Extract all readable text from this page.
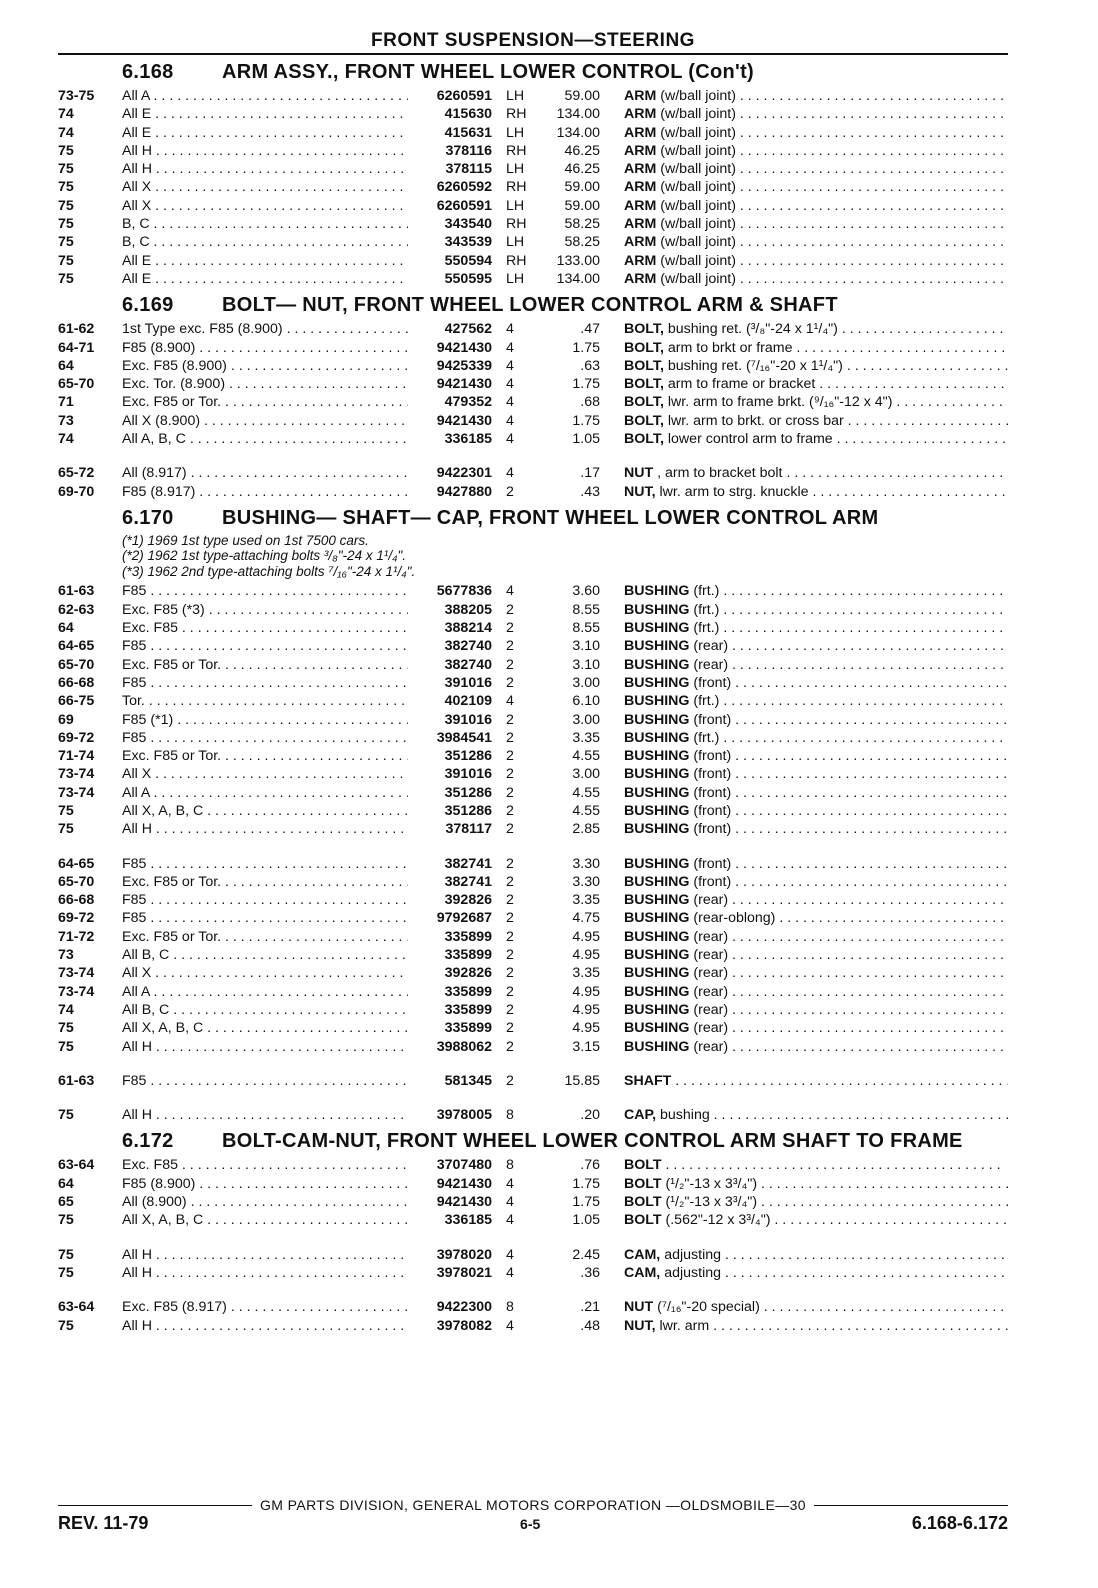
FRONT SUSPENSION—STEERING
6.168	ARM ASSY., FRONT WHEEL LOWER CONTROL (Con't)
73-75	All A . . .	6260591 LH	59.00	ARM (w/ball joint) . . .
74	All E . . .	415630 RH	134.00	ARM (w/ball joint) . . .
74	All E . . .	415631 LH	134.00	ARM (w/ball joint) . . .
75	All H . . .	378116 RH	46.25	ARM (w/ball joint) . . .
75	All H . . .	378115 LH	46.25	ARM (w/ball joint) . . .
75	All X . . .	6260592 RH	59.00	ARM (w/ball joint) . . .
75	All X . . .	6260591 LH	59.00	ARM (w/ball joint) . . .
75	B, C . . .	343540 RH	58.25	ARM (w/ball joint) . . .
75	B, C . . .	343539 LH	58.25	ARM (w/ball joint) . . .
75	All E . . .	550594 RH	133.00	ARM (w/ball joint) . . .
75	All E . . .	550595 LH	134.00	ARM (w/ball joint) . . .
6.169	BOLT— NUT, FRONT WHEEL LOWER CONTROL ARM & SHAFT
61-62	1st Type exc. F85 (8.900) . . .	427562 4	.47	BOLT, bushing ret. (³/₈"-24 x 1¹/₄") . . .
64-71	F85 (8.900) . . .	9421430 4	1.75	BOLT, arm to brkt or frame . . .
64	Exc. F85 (8.900) . . .	9425339 4	.63	BOLT, bushing ret. (⁷/₁₆"-20 x 1¹/₄") . . .
65-70	Exc. Tor. (8.900) . . .	9421430 4	1.75	BOLT, arm to frame or bracket . . .
71	Exc. F85 or Tor. . . .	479352 4	.68	BOLT, lwr. arm to frame brkt. (⁹/₁₆"-12 x 4") . . .
73	All X (8.900) . . .	9421430 4	1.75	BOLT, lwr. arm to brkt. or cross bar . . .
74	All A, B, C . . .	336185 4	1.05	BOLT, lower control arm to frame . . .
65-72	All (8.917) . . .	9422301 4	.17	NUT , arm to bracket bolt . . .
69-70	F85 (8.917) . . .	9427880 2	.43	NUT, lwr. arm to strg. knuckle . . .
6.170	BUSHING— SHAFT— CAP, FRONT WHEEL LOWER CONTROL ARM
(*1) 1969 1st type used on 1st 7500 cars.
(*2) 1962 1st type-attaching bolts ³/₈"-24 x 1¹/₄".
(*3) 1962 2nd type-attaching bolts ⁷/₁₆"-24 x 1¹/₄".
61-63	F85 . . .	5677836 4	3.60	BUSHING (frt.) . . .
62-63	Exc. F85 (*3) . . .	388205 2	8.55	BUSHING (frt.) . . .
64	Exc. F85 . . .	388214 2	8.55	BUSHING (frt.) . . .
64-65	F85 . . .	382740 2	3.10	BUSHING (rear) . . .
65-70	Exc. F85 or Tor. . . .	382740 2	3.10	BUSHING (rear) . . .
66-68	F85 . . .	391016 2	3.00	BUSHING (front) . . .
66-75	Tor. . . .	402109 4	6.10	BUSHING (frt.) . . .
69	F85 (*1) . . .	391016 2	3.00	BUSHING (front) . . .
69-72	F85 . . .	3984541 2	3.35	BUSHING (frt.) . . .
71-74	Exc. F85 or Tor. . . .	351286 2	4.55	BUSHING (front) . . .
73-74	All X . . .	391016 2	3.00	BUSHING (front) . . .
73-74	All A . . .	351286 2	4.55	BUSHING (front) . . .
75	All X, A, B, C . . .	351286 2	4.55	BUSHING (front) . . .
75	All H . . .	378117 2	2.85	BUSHING (front) . . .
64-65	F85 . . .	382741 2	3.30	BUSHING (front) . . .
65-70	Exc. F85 or Tor. . . .	382741 2	3.30	BUSHING (front) . . .
66-68	F85 . . .	392826 2	3.35	BUSHING (rear) . . .
69-72	F85 . . .	9792687 2	4.75	BUSHING (rear-oblong) . . .
71-72	Exc. F85 or Tor. . . .	335899 2	4.95	BUSHING (rear) . . .
73	All B, C . . .	335899 2	4.95	BUSHING (rear) . . .
73-74	All X . . .	392826 2	3.35	BUSHING (rear) . . .
73-74	All A . . .	335899 2	4.95	BUSHING (rear) . . .
74	All B, C . . .	335899 2	4.95	BUSHING (rear) . . .
75	All X, A, B, C . . .	335899 2	4.95	BUSHING (rear) . . .
75	All H . . .	3988062 2	3.15	BUSHING (rear) . . .
61-63	F85 . . .	581345 2	15.85	SHAFT . . .
75	All H . . .	3978005 8	.20	CAP, bushing . . .
6.172	BOLT-CAM-NUT, FRONT WHEEL LOWER CONTROL ARM SHAFT TO FRAME
63-64	Exc. F85 . . .	3707480 8	.76	BOLT . . .
64	F85 (8.900) . . .	9421430 4	1.75	BOLT (¹/₂"-13 x 3³/₄") . . .
65	All (8.900) . . .	9421430 4	1.75	BOLT (¹/₂"-13 x 3³/₄") . . .
75	All X, A, B, C . . .	336185 4	1.05	BOLT (.562"-12 x 3³/₄") . . .
75	All H . . .	3978020 4	2.45	CAM, adjusting . . .
75	All H . . .	3978021 4	.36	CAM, adjusting . . .
63-64	Exc. F85 (8.917) . . .	9422300 8	.21	NUT (⁷/₁₆"-20 special) . . .
75	All H . . .	3978082 4	.48	NUT, lwr. arm . . .
GM PARTS DIVISION, GENERAL MOTORS CORPORATION —OLDSMOBILE—30
REV. 11-79	6-5	6.168-6.172
